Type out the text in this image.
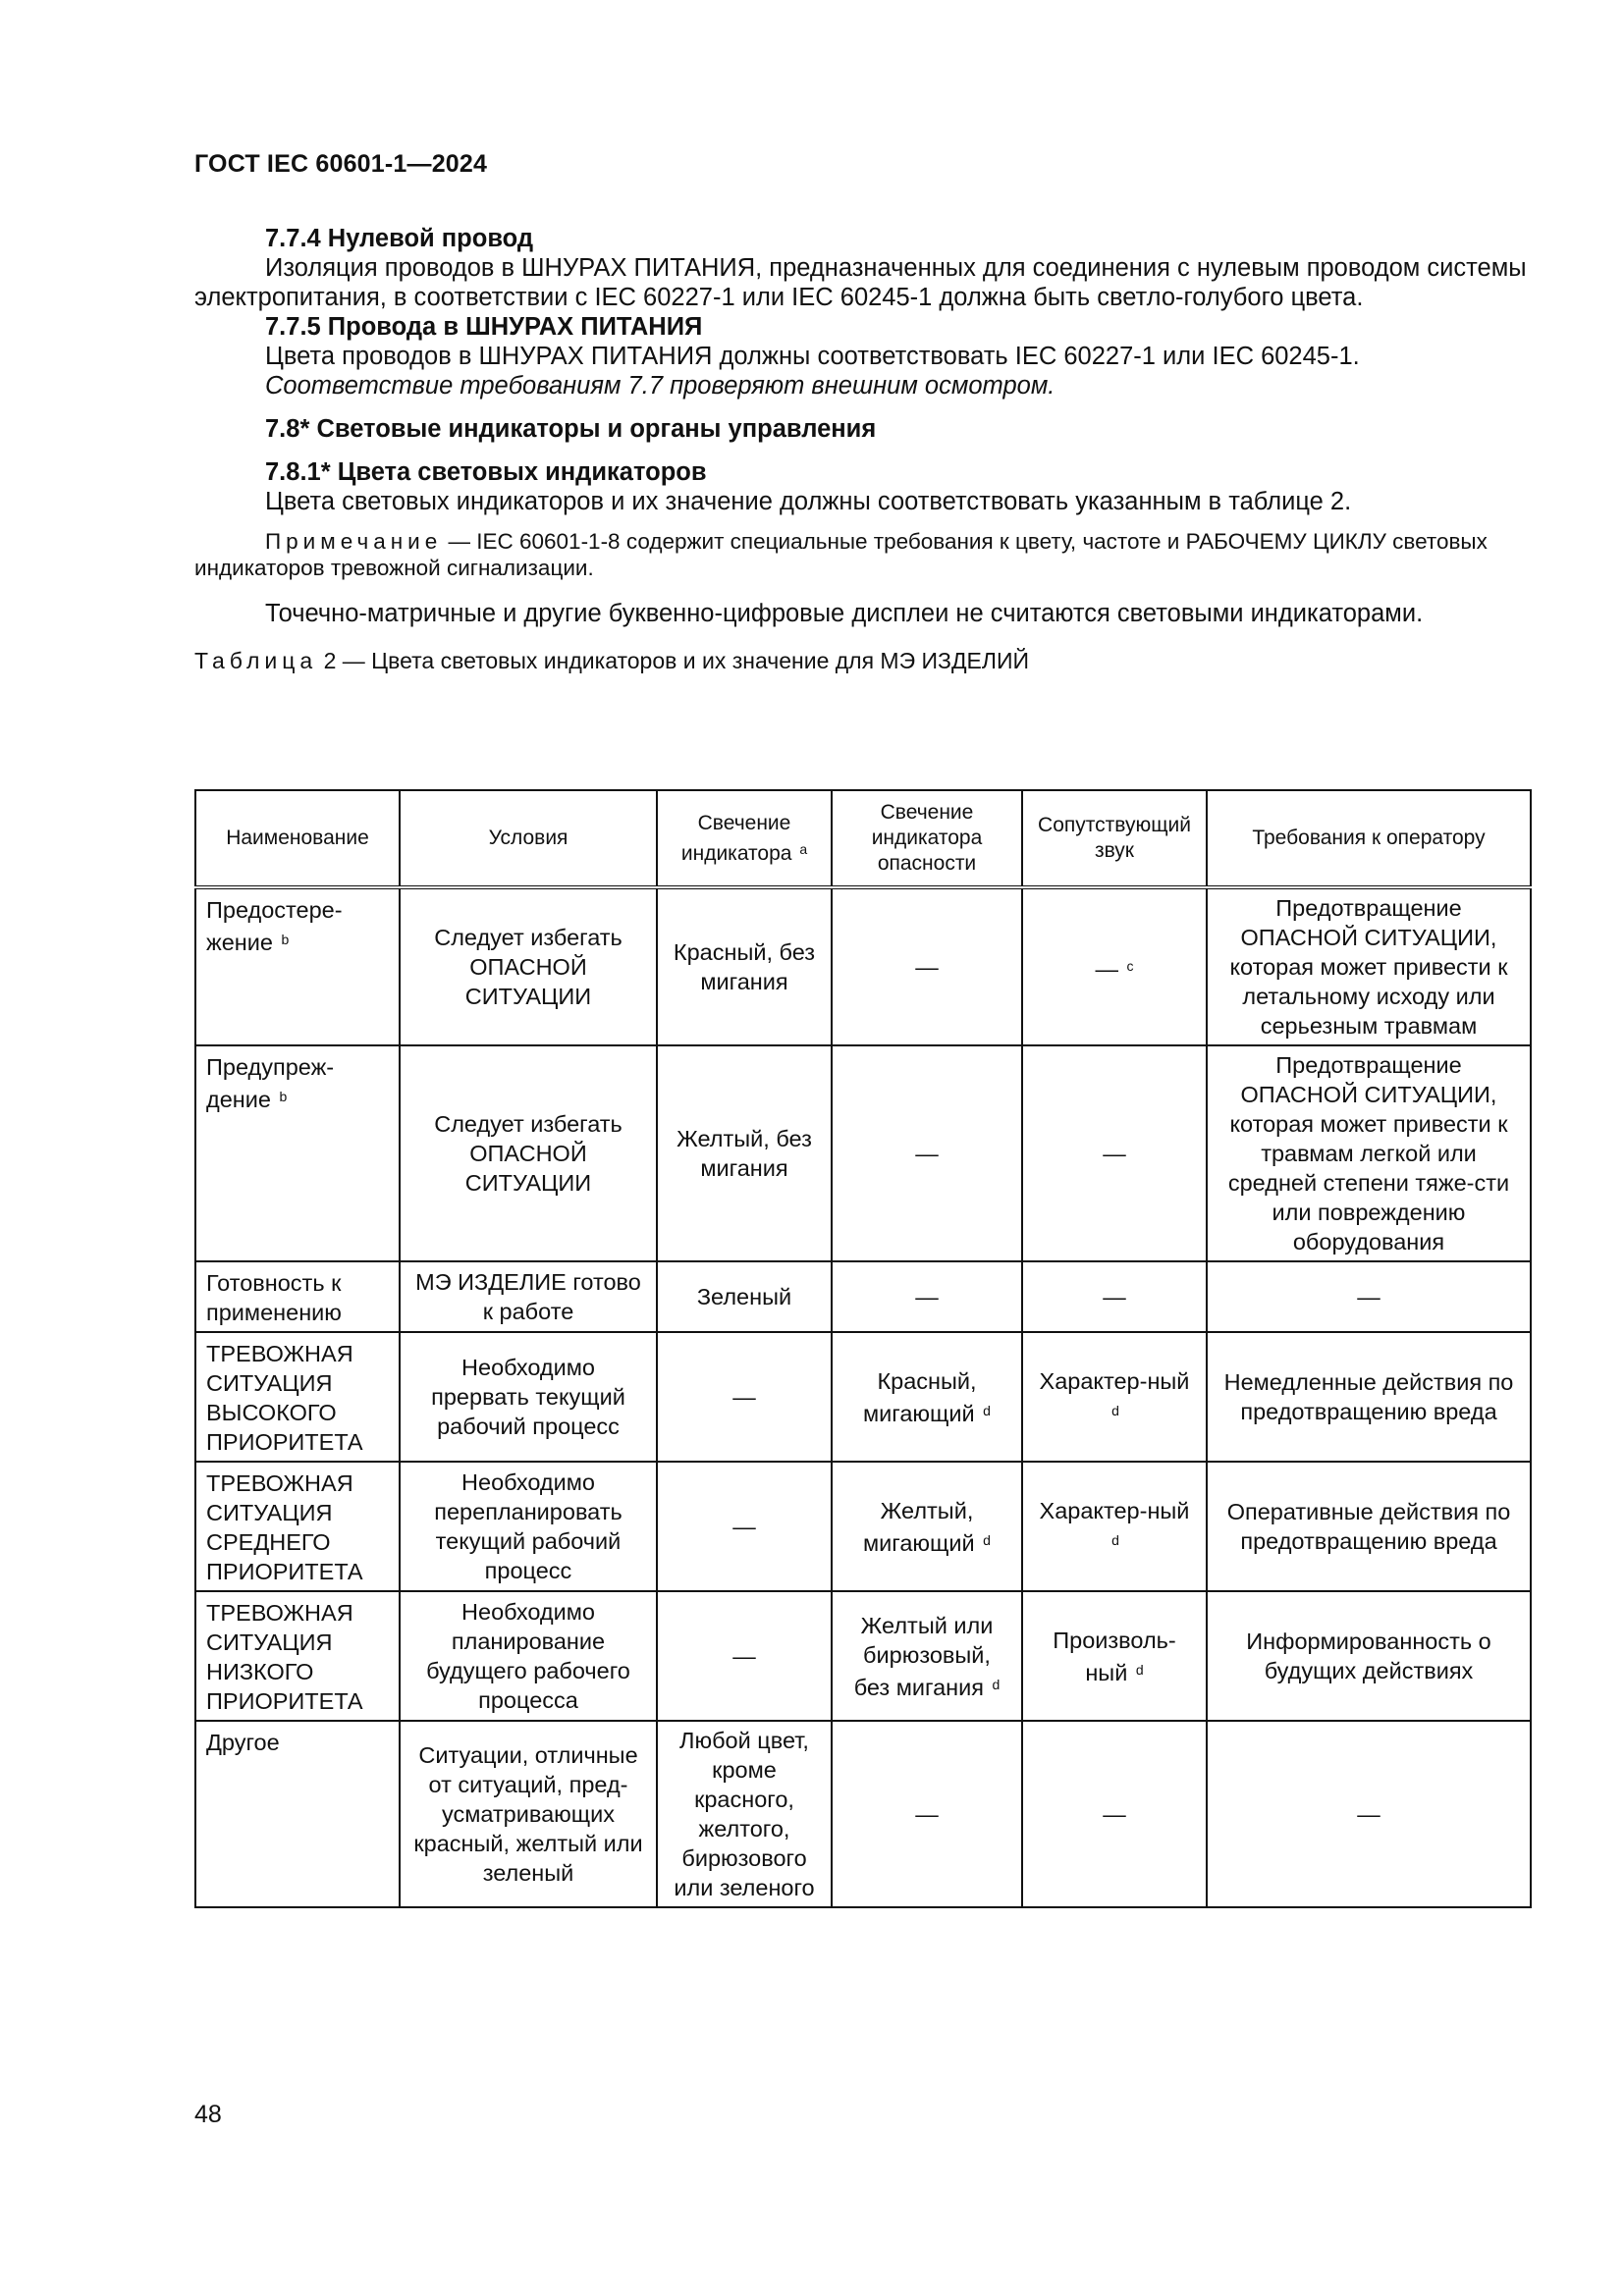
ГОСТ IEC 60601-1—2024

7.7.4 Нулевой провод

Изоляция проводов в ШНУРАХ ПИТАНИЯ, предназначенных для соединения с нулевым проводом системы электропитания, в соответствии с IEC 60227-1 или IEC 60245-1 должна быть светло-голубого цвета.

7.7.5 Провода в ШНУРАХ ПИТАНИЯ

Цвета проводов в ШНУРАХ ПИТАНИЯ должны соответствовать IEC 60227-1 или IEC 60245-1.

Соответствие требованиям 7.7 проверяют внешним осмотром.

7.8* Световые индикаторы и органы управления

7.8.1* Цвета световых индикаторов

Цвета световых индикаторов и их значение должны соответствовать указанным в таблице 2.

Примечание — IEC 60601-1-8 содержит специальные требования к цвету, частоте и РАБОЧЕМУ ЦИКЛУ световых индикаторов тревожной сигнализации.

Точечно-матричные и другие буквенно-цифровые дисплеи не считаются световыми индикаторами.

Таблица 2 — Цвета световых индикаторов и их значение для МЭ ИЗДЕЛИЙ

Наименование	Условия	Свечение индикатора $^a$	Свечение индикатора опасности	Сопутствующий звук	Требования к оператору
Предостере-жение $^b$	Следует избегать ОПАСНОЙ СИТУАЦИИ	Красный, без мигания	—	— $^c$	Предотвращение ОПАСНОЙ СИТУАЦИИ, которая может привести к летальному исходу или серьезным травмам
Предупреж-дение $^b$	Следует избегать ОПАСНОЙ СИТУАЦИИ	Желтый, без мигания	—	—	Предотвращение ОПАСНОЙ СИТУАЦИИ, которая может привести к травмам легкой или средней степени тяже-сти или повреждению оборудования
Готовность к применению	МЭ ИЗДЕЛИЕ готово к работе	Зеленый	—	—	—
ТРЕВОЖНАЯ СИТУАЦИЯ ВЫСОКОГО ПРИОРИТЕТА	Необходимо прервать текущий рабочий процесс	—	Красный, мигающий $^d$	Характер-ный $^d$	Немедленные действия по предотвращению вреда
ТРЕВОЖНАЯ СИТУАЦИЯ СРЕДНЕГО ПРИОРИТЕТА	Необходимо перепланировать текущий рабочий процесс	—	Желтый, мигающий $^d$	Характер-ный $^d$	Оперативные действия по предотвращению вреда
ТРЕВОЖНАЯ СИТУАЦИЯ НИЗКОГО ПРИОРИТЕТА	Необходимо планирование будущего рабочего процесса	—	Желтый или бирюзовый, без мигания $^d$	Произволь-ный $^d$	Информированность о будущих действиях
Другое	Ситуации, отличные от ситуаций, пред-усматривающих красный, желтый или зеленый	Любой цвет, кроме красного, желтого, бирюзового или зеленого	—	—	—
48
